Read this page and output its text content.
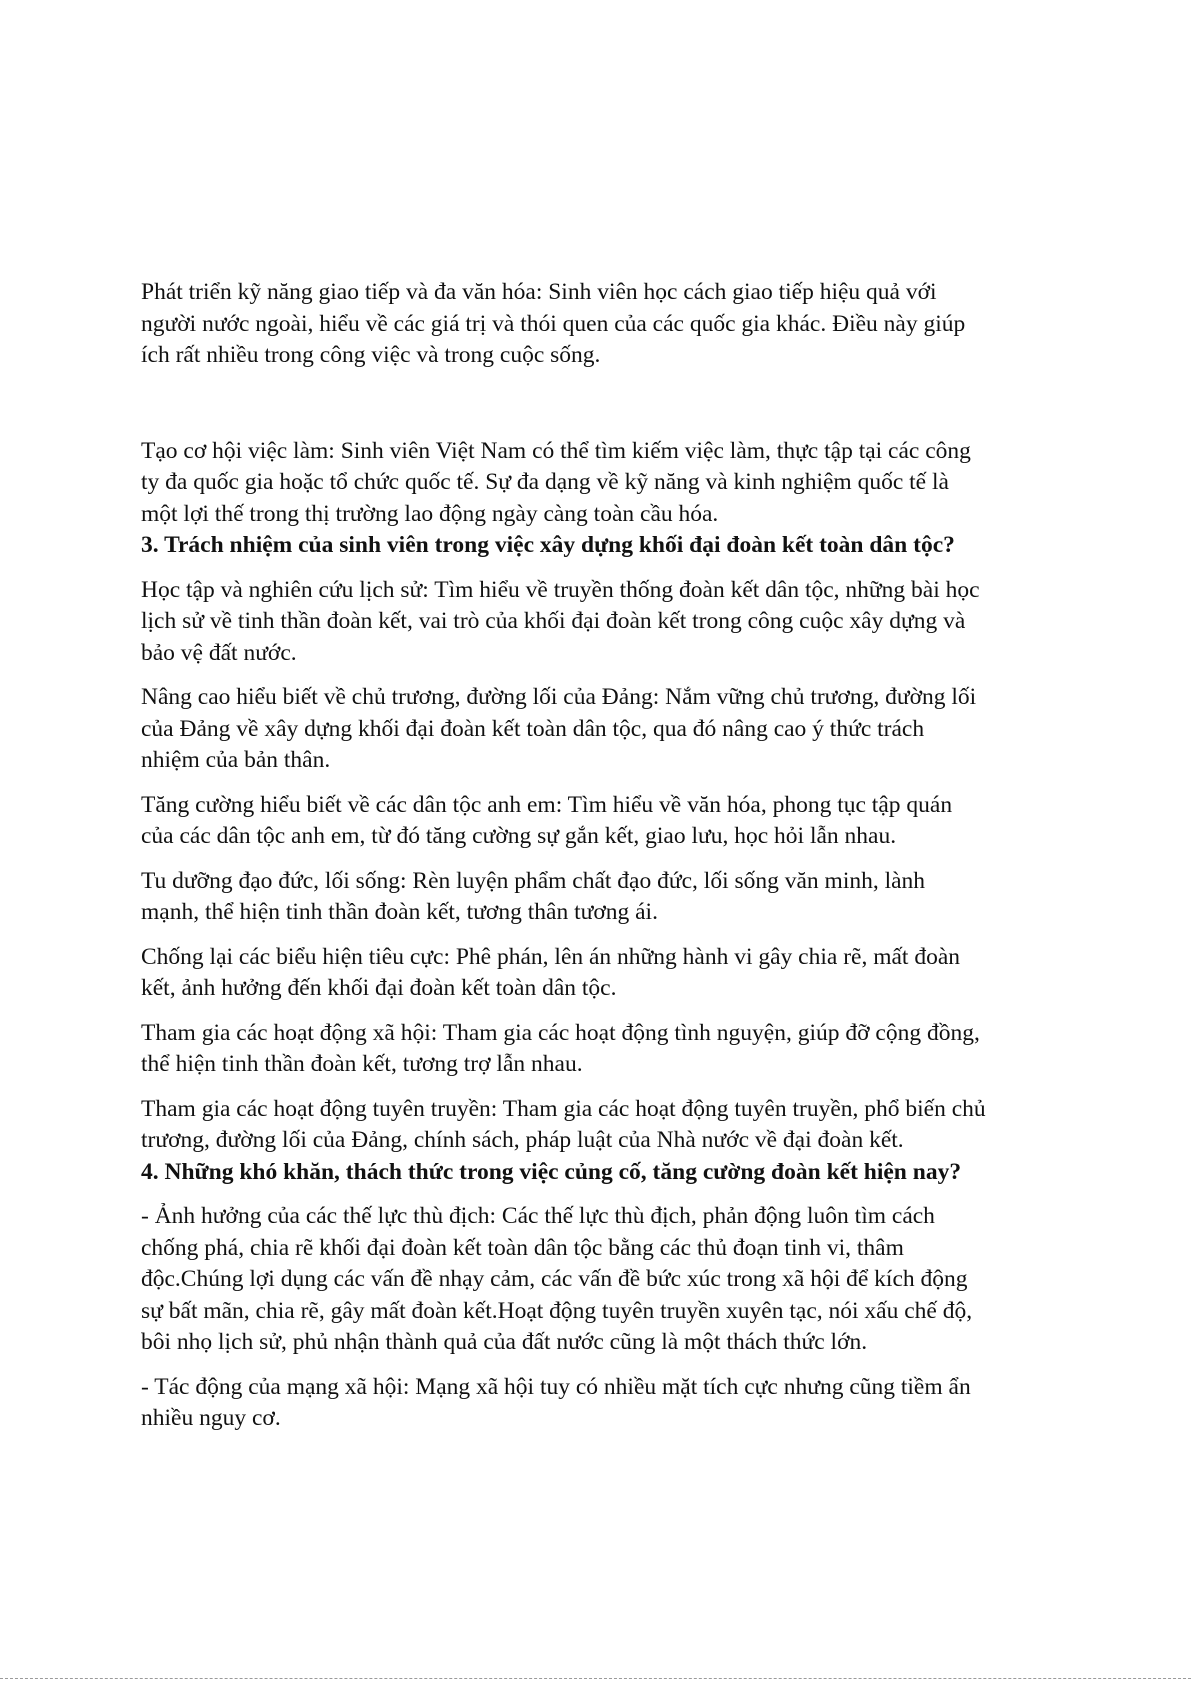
Phát triển kỹ năng giao tiếp và đa văn hóa: Sinh viên học cách giao tiếp hiệu quả với
người nước ngoài, hiểu về các giá trị và thói quen của các quốc gia khác. Điều này giúp
ích rất nhiều trong công việc và trong cuộc sống.

Tạo cơ hội việc làm: Sinh viên Việt Nam có thể tìm kiếm việc làm, thực tập tại các công
ty đa quốc gia hoặc tổ chức quốc tế. Sự đa dạng về kỹ năng và kinh nghiệm quốc tế là
một lợi thế trong thị trường lao động ngày càng toàn cầu hóa.

3. Trách nhiệm của sinh viên trong việc xây dựng khối đại đoàn kết toàn dân tộc?

Học tập và nghiên cứu lịch sử: Tìm hiểu về truyền thống đoàn kết dân tộc, những bài học
lịch sử về tinh thần đoàn kết, vai trò của khối đại đoàn kết trong công cuộc xây dựng và
bảo vệ đất nước.

Nâng cao hiểu biết về chủ trương, đường lối của Đảng: Nắm vững chủ trương, đường lối
của Đảng về xây dựng khối đại đoàn kết toàn dân tộc, qua đó nâng cao ý thức trách
nhiệm của bản thân.

Tăng cường hiểu biết về các dân tộc anh em: Tìm hiểu về văn hóa, phong tục tập quán
của các dân tộc anh em, từ đó tăng cường sự gắn kết, giao lưu, học hỏi lẫn nhau.

Tu dưỡng đạo đức, lối sống: Rèn luyện phẩm chất đạo đức, lối sống văn minh, lành
mạnh, thể hiện tinh thần đoàn kết, tương thân tương ái.

Chống lại các biểu hiện tiêu cực: Phê phán, lên án những hành vi gây chia rẽ, mất đoàn
kết, ảnh hưởng đến khối đại đoàn kết toàn dân tộc.

Tham gia các hoạt động xã hội: Tham gia các hoạt động tình nguyện, giúp đỡ cộng đồng,
thể hiện tinh thần đoàn kết, tương trợ lẫn nhau.

Tham gia các hoạt động tuyên truyền: Tham gia các hoạt động tuyên truyền, phổ biến chủ
trương, đường lối của Đảng, chính sách, pháp luật của Nhà nước về đại đoàn kết.

4. Những khó khăn, thách thức trong việc củng cố, tăng cường đoàn kết hiện nay?

- Ảnh hưởng của các thế lực thù địch: Các thế lực thù địch, phản động luôn tìm cách
chống phá, chia rẽ khối đại đoàn kết toàn dân tộc bằng các thủ đoạn tinh vi, thâm
độc.Chúng lợi dụng các vấn đề nhạy cảm, các vấn đề bức xúc trong xã hội để kích động
sự bất mãn, chia rẽ, gây mất đoàn kết.Hoạt động tuyên truyền xuyên tạc, nói xấu chế độ,
bôi nhọ lịch sử, phủ nhận thành quả của đất nước cũng là một thách thức lớn.

- Tác động của mạng xã hội: Mạng xã hội tuy có nhiều mặt tích cực nhưng cũng tiềm ẩn
nhiều nguy cơ.
